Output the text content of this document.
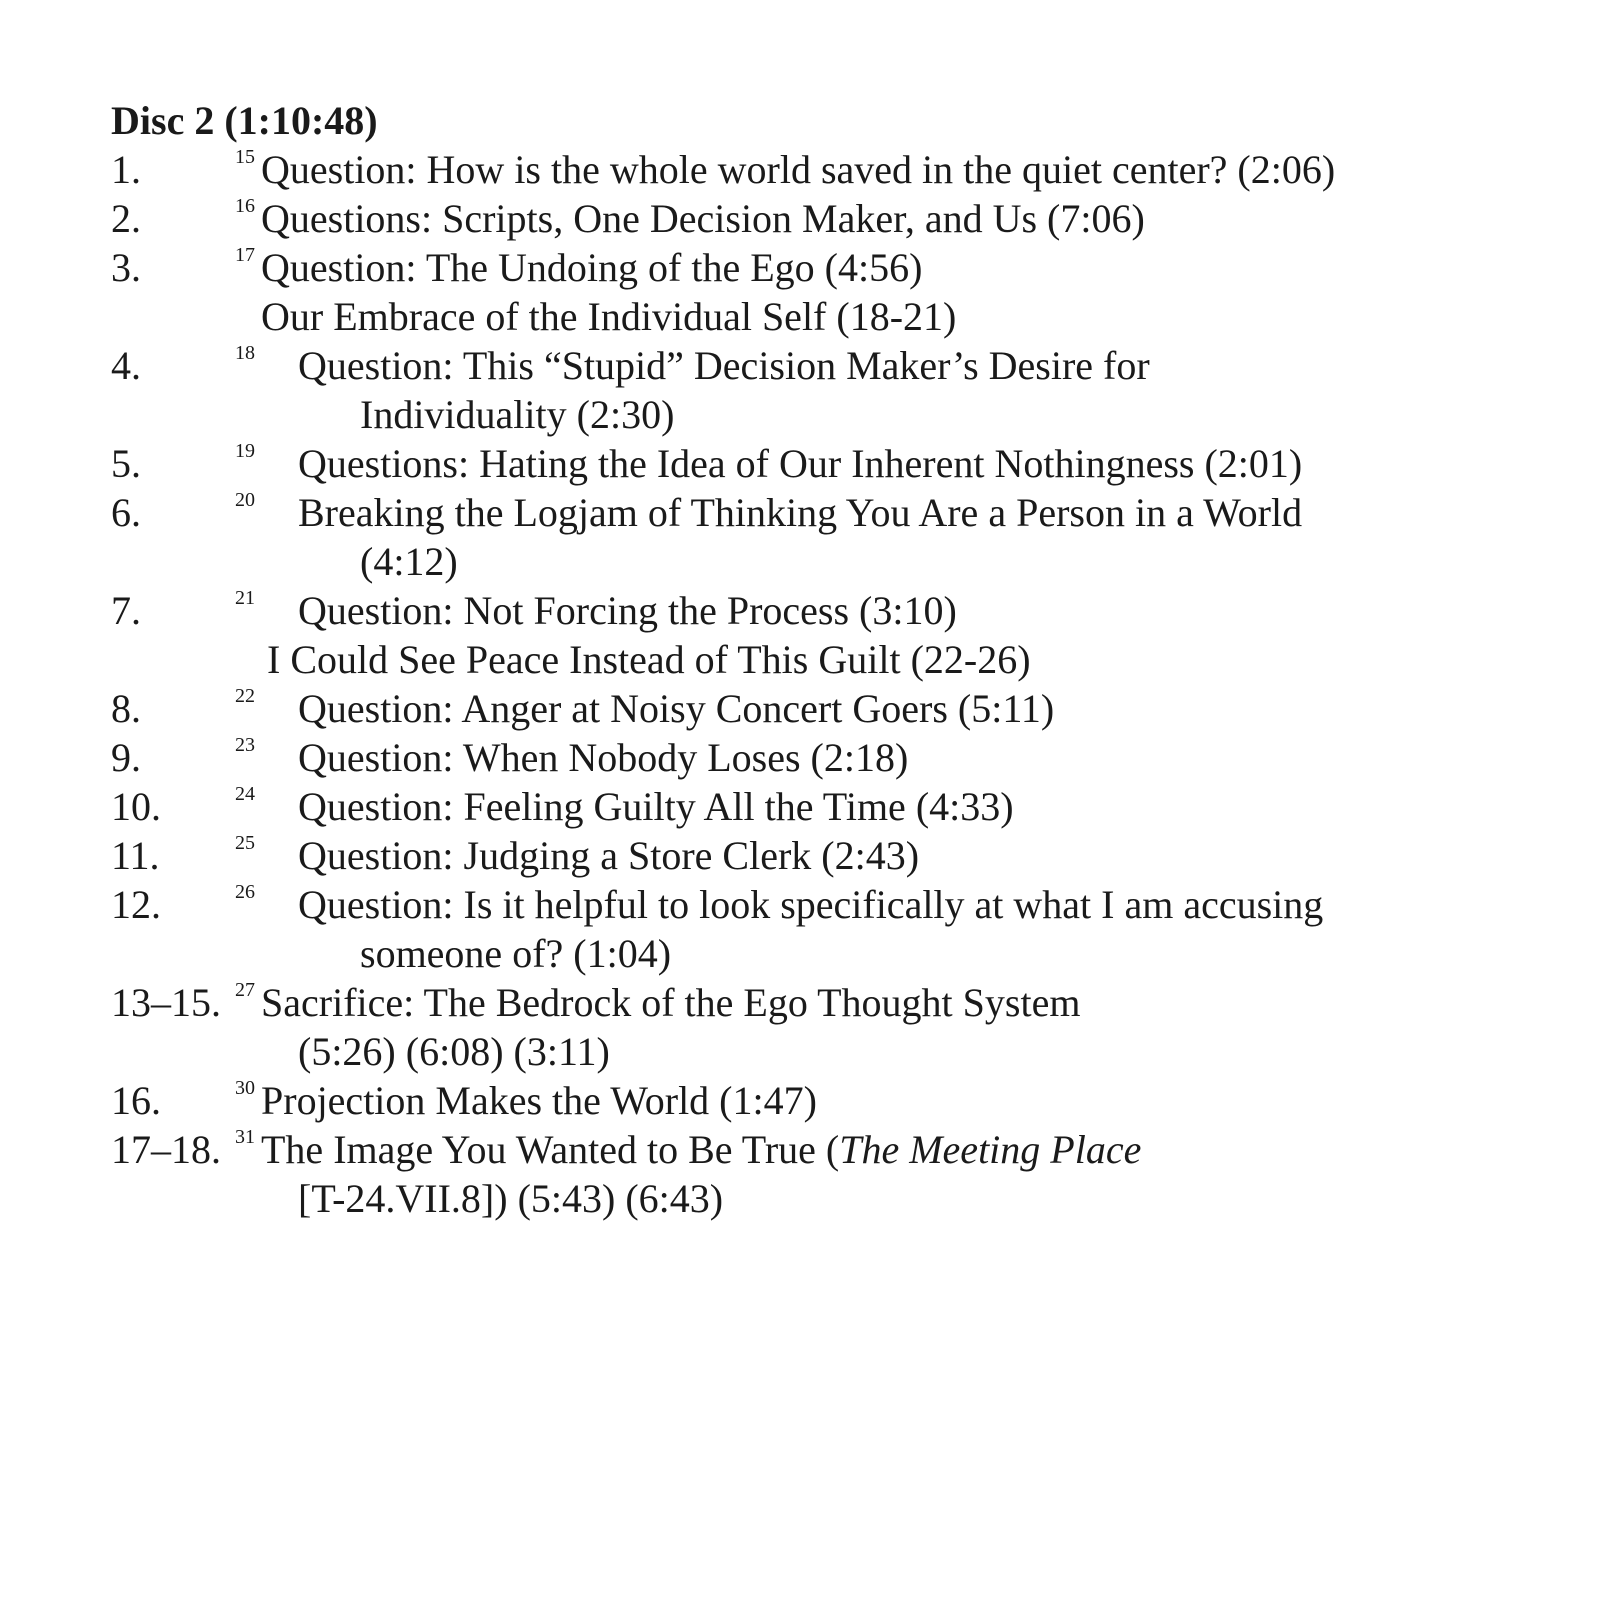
Disc 2 (1:10:48)
1.	15 Question: How is the whole world saved in the quiet center? (2:06)
2.	16 Questions: Scripts, One Decision Maker, and Us (7:06)
3.	17 Question: The Undoing of the Ego (4:56)
Our Embrace of the Individual Self (18-21)
4.	18 Question: This “Stupid” Decision Maker’s Desire for
Individuality (2:30)
5.	19 Questions: Hating the Idea of Our Inherent Nothingness (2:01)
6.	20 Breaking the Logjam of Thinking You Are a Person in a World
(4:12)
7.	21 Question: Not Forcing the Process (3:10)
I Could See Peace Instead of This Guilt (22-26)
8.	22 Question: Anger at Noisy Concert Goers (5:11)
9.	23 Question: When Nobody Loses (2:18)
10.	24 Question: Feeling Guilty All the Time (4:33)
11.	25 Question: Judging a Store Clerk (2:43)
12.	26 Question: Is it helpful to look specifically at what I am accusing
someone of? (1:04)
13–15. 27 Sacrifice: The Bedrock of the Ego Thought System
(5:26) (6:08) (3:11)
16.	30 Projection Makes the World (1:47)
17–18. 31 The Image You Wanted to Be True (The Meeting Place
[T-24.VII.8]) (5:43) (6:43)
